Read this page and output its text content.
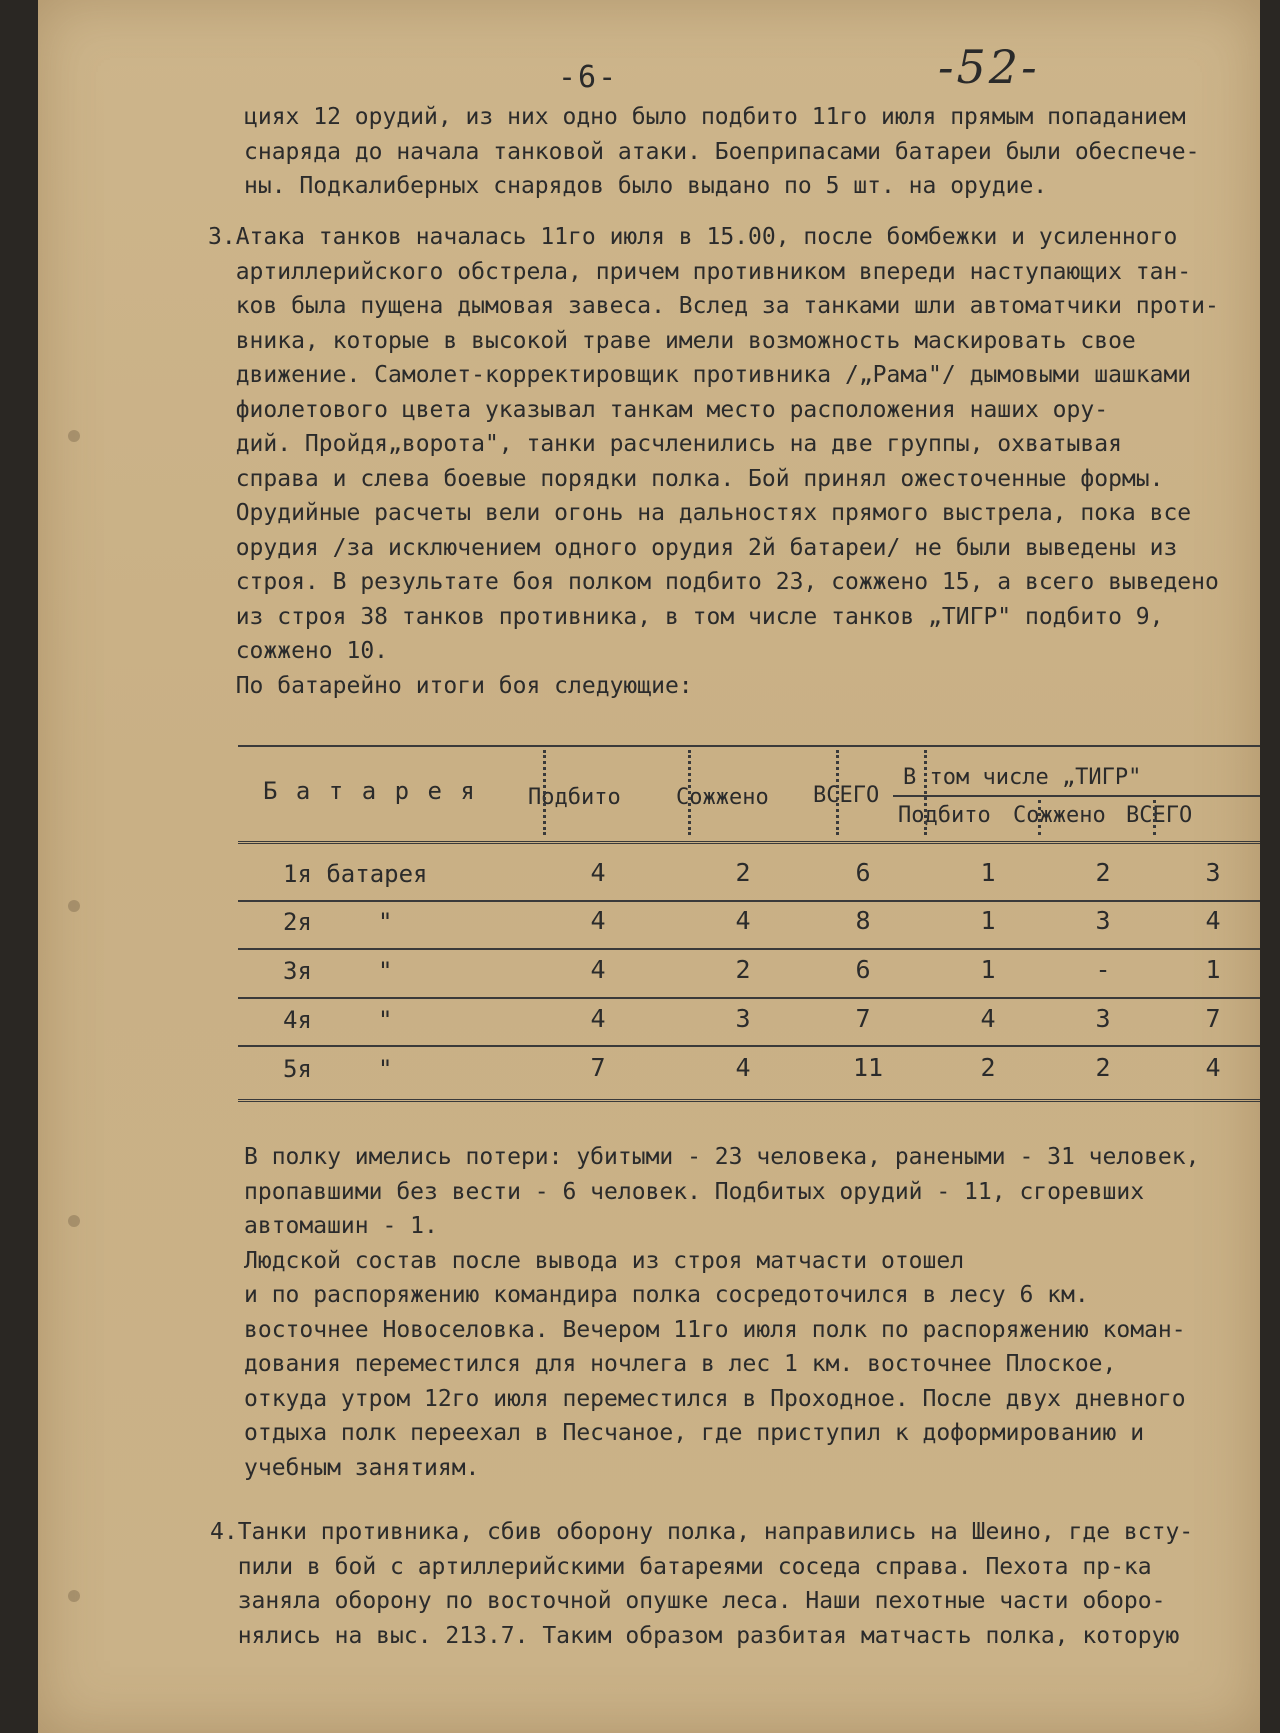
-6-	-52-

циях 12 орудий, из них одно было подбито 11го июля прямым попаданием

снаряда до начала танковой атаки. Боеприпасами батареи были обеспече-

ны. Подкалиберных снарядов было выдано по 5 шт. на орудие.

3.Атака танков началась 11го июля в 15.00, после бомбежки и усиленного

артиллерийского обстрела, причем противником впереди наступающих тан-

ков была пущена дымовая завеса. Вслед за танками шли автоматчики проти-

вника, которые в высокой траве имели возможность маскировать свое

движение. Самолет-корректировщик противника /„Рама"/ дымовыми шашками

фиолетового цвета указывал танкам место расположения наших ору-

дий. Пройдя„ворота", танки расчленились на две группы, охватывая

справа и слева боевые порядки полка. Бой принял ожесточенные формы.

Орудийные расчеты вели огонь на дальностях прямого выстрела, пока все

орудия /за исключением одного орудия 2й батареи/ не были выведены из

строя. В результате боя полком подбито 23, сожжено 15, а всего выведено

из строя 38 танков противника, в том числе танков „ТИГР" подбито 9,

сожжено 10.

По батарейно итоги боя следующие:

Б а т а р е я Подбито	Сожжено ВСЕГО
В том числе „ТИГР"
Подбито Сожжено ВСЕГО
1я батарея	4	2	6	1	2	3
2я	"	4	4	8	1	3	4
3я	"	4	2	6	1	-	1
4я	"	4	3	7	4	3	7
5я	"	7	4	11	2	2	4

В полку имелись потери: убитыми - 23 человека, ранеными - 31 человек,

пропавшими без вести - 6 человек. Подбитых орудий - 11, сгоревших

автомашин - 1.

Людской состав после вывода из строя матчасти отошел

и по распоряжению командира полка сосредоточился в лесу 6 км.

восточнее Новоселовка. Вечером 11го июля полк по распоряжению коман-

дования переместился для ночлега в лес 1 км. восточнее Плоское,

откуда утром 12го июля переместился в Проходное. После двух дневного

отдыха полк переехал в Песчаное, где приступил к доформированию и

учебным занятиям.

4.Танки противника, сбив оборону полка, направились на Шеино, где всту-

пили в бой с артиллерийскими батареями соседа справа. Пехота пр-ка

заняла оборону по восточной опушке леса. Наши пехотные части оборо-

нялись на выс. 213.7. Таким образом разбитая матчасть полка, которую
